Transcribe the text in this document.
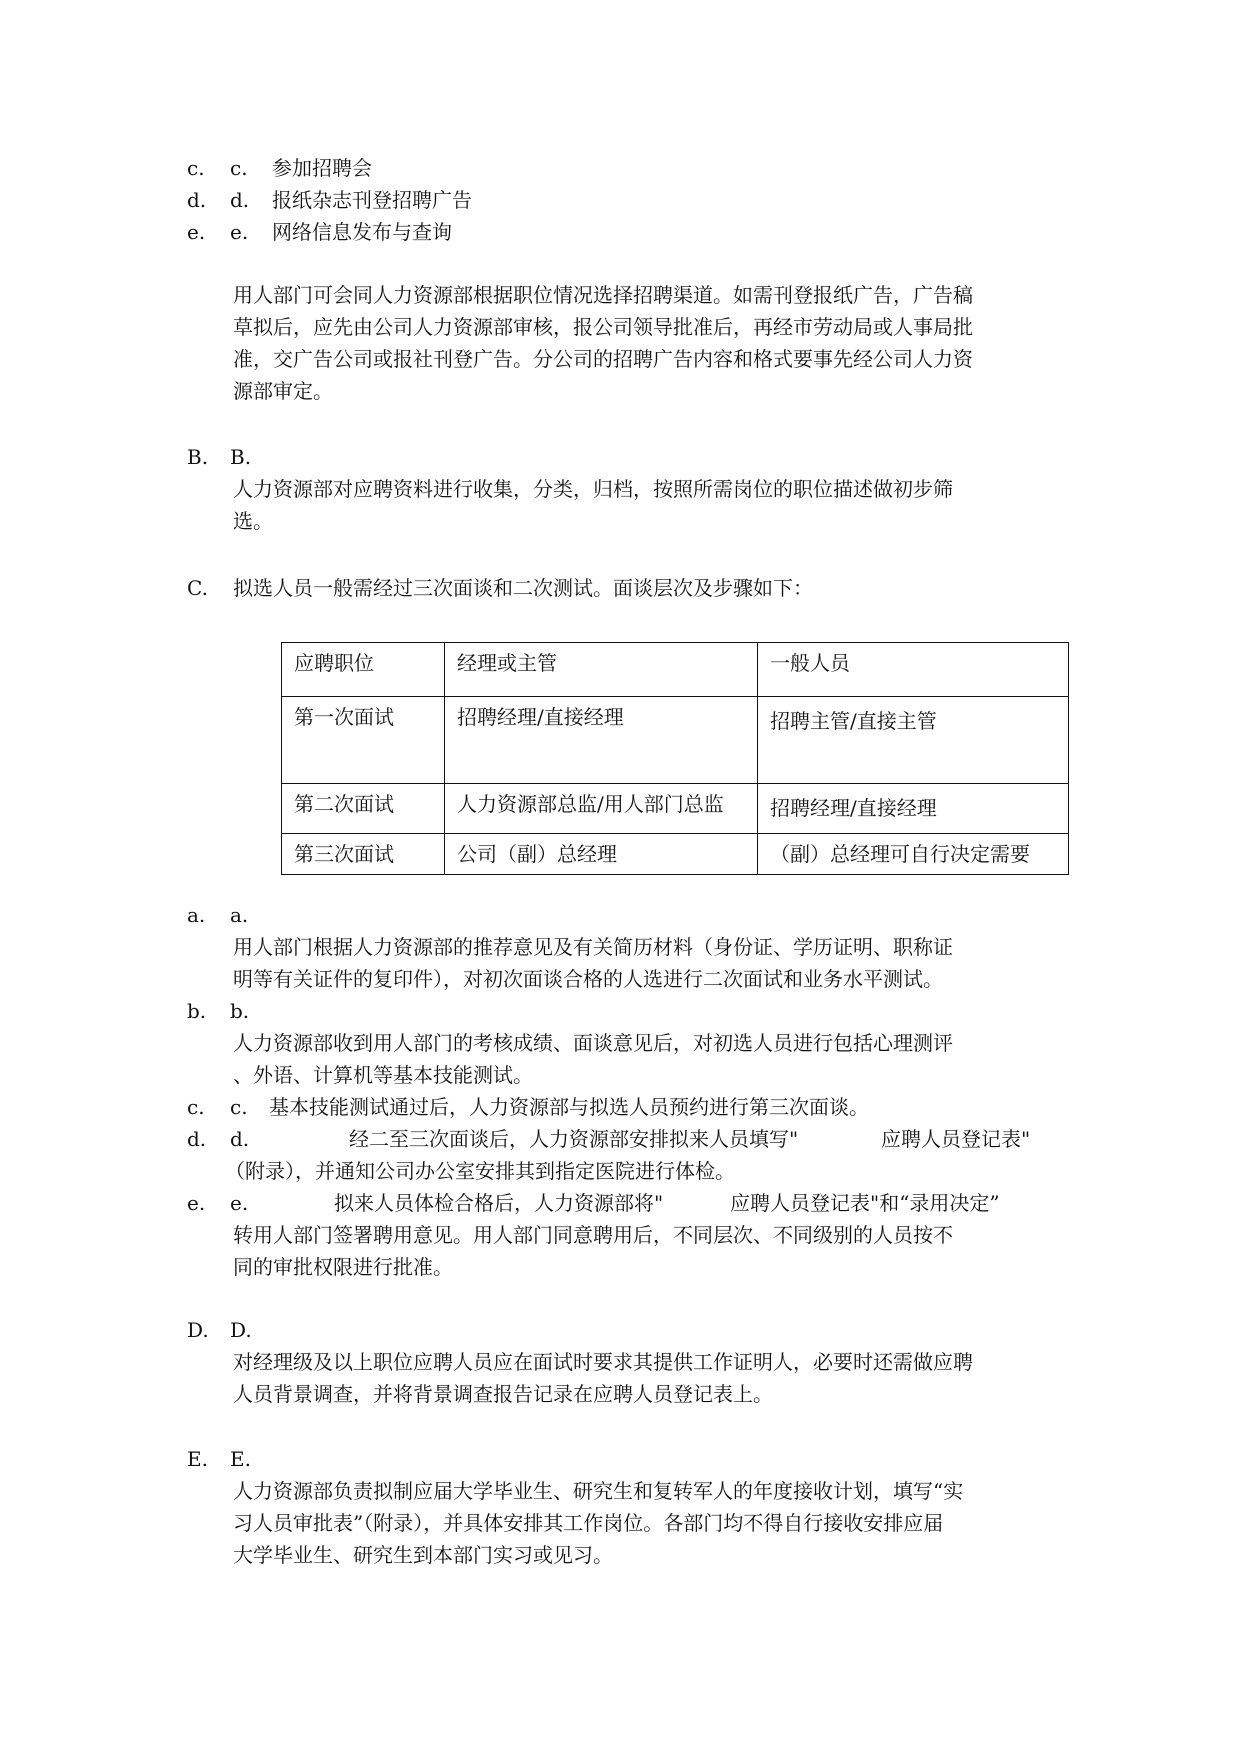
c.	c. 参加招聘会
d.	d. 报纸杂志刊登招聘广告
e.	e. 网络信息发布与查询
用人部门可会同人力资源部根据职位情况选择招聘渠道。如需刊登报纸广告，广告稿
草拟后，应先由公司人力资源部审核，报公司领导批准后，再经市劳动局或人事局批
准，交广告公司或报社刊登广告。分公司的招聘广告内容和格式要事先经公司人力资
源部审定。
B.	B.
人力资源部对应聘资料进行收集，分类，归档，按照所需岗位的职位描述做初步筛
选。
C.	拟选人员一般需经过三次面谈和二次测试。面谈层次及步骤如下：
应聘职位	经理或主管	一般人员
第一次面试	招聘经理/直接经理	招聘主管/直接主管
第二次面试	人力资源部总监/用人部门总监	招聘经理/直接经理
第三次面试	公司（副）总经理	（副）总经理可自行决定需要
a.	a.
用人部门根据人力资源部的推荐意见及有关简历材料（身份证、学历证明、职称证
明等有关证件的复印件），对初次面谈合格的人选进行二次面试和业务水平测试。
b.	b.
人力资源部收到用人部门的考核成绩、面谈意见后，对初选人员进行包括心理测评
、外语、计算机等基本技能测试。
c.	c. 基本技能测试通过后，人力资源部与拟选人员预约进行第三次面谈。
d.	d.	经二至三次面谈后，人力资源部安排拟来人员填写"	应聘人员登记表"
（附录），并通知公司办公室安排其到指定医院进行体检。
e.	e.	拟来人员体检合格后，人力资源部将"	应聘人员登记表"和“录用决定”
转用人部门签署聘用意见。用人部门同意聘用后，不同层次、不同级别的人员按不
同的审批权限进行批准。
D.	D.
对经理级及以上职位应聘人员应在面试时要求其提供工作证明人，必要时还需做应聘
人员背景调查，并将背景调查报告记录在应聘人员登记表上。
E.	E.
人力资源部负责拟制应届大学毕业生、研究生和复转军人的年度接收计划，填写“实
习人员审批表”（附录），并具体安排其工作岗位。各部门均不得自行接收安排应届
大学毕业生、研究生到本部门实习或见习。
